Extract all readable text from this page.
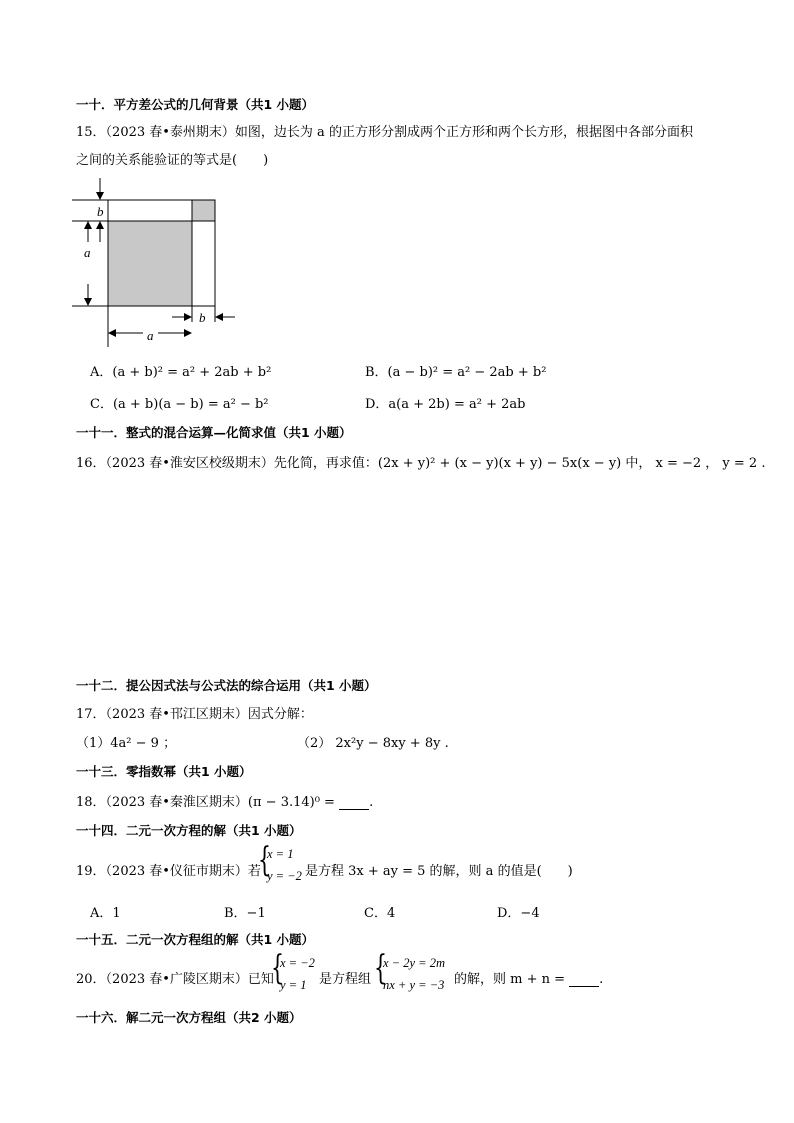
一十．平方差公式的几何背景（共1 小题）
15．（2023 春•泰州期末）如图，边长为 a 的正方形分割成两个正方形和两个长方形，根据图中各部分面积
之间的关系能验证的等式是(　　)
b
a
b
a
A．(a + b)² = a² + 2ab + b²	B．(a − b)² = a² − 2ab + b²
C．(a + b)(a − b) = a² − b²	D．a(a + 2b) = a² + 2ab
一十一．整式的混合运算—化简求值（共1 小题）
16．（2023 春•淮安区校级期末）先化简，再求值：(2x + y)² + (x − y)(x + y) − 5x(x − y) 中， x = −2 ， y = 2 .
一十二．提公因式法与公式法的综合运用（共1 小题）
17．（2023 春•邗江区期末）因式分解：
（1）4a² − 9 ；	（2） 2x²y − 8xy + 8y .
一十三．零指数幂（共1 小题）
18．（2023 春•秦淮区期末）(π − 3.14)⁰ =	.
一十四．二元一次方程的解（共1 小题）
19．（2023 春•仪征市期末）若
{
x = 1
y = −2 是方程 3x + ay = 5 的解，则 a 的值是(　　)
A．1	B．−1	C．4	D．−4
一十五．二元一次方程组的解（共1 小题）
20．（2023 春•广陵区期末）已知
{
x = −2
y = 1 是方程组 {
x − 2y = 2m
nx + y = −3 的解，则 m + n =	.
一十六．解二元一次方程组（共2 小题）
